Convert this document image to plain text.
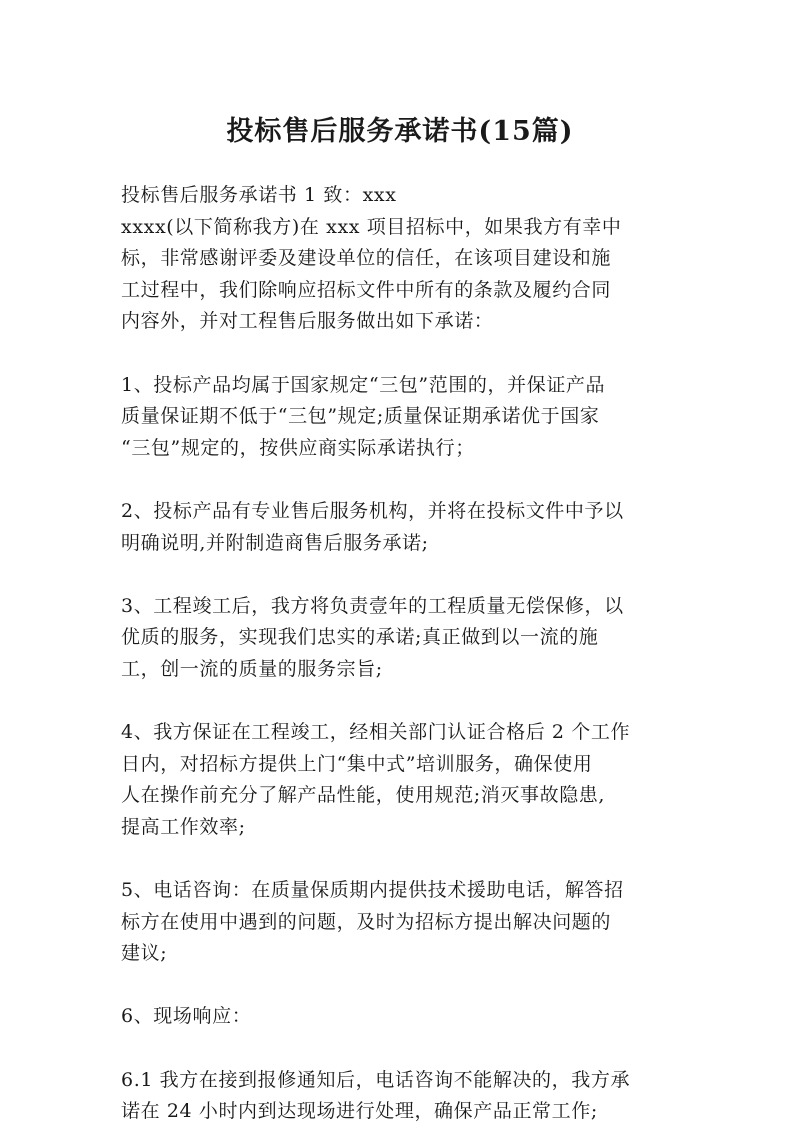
投标售后服务承诺书(15篇)

投标售后服务承诺书 1 致：xxx
xxxx(以下简称我方)在 xxx 项目招标中，如果我方有幸中
标，非常感谢评委及建设单位的信任，在该项目建设和施
工过程中，我们除响应招标文件中所有的条款及履约合同
内容外，并对工程售后服务做出如下承诺：

1、投标产品均属于国家规定“三包”范围的，并保证产品
质量保证期不低于“三包”规定;质量保证期承诺优于国家
“三包”规定的，按供应商实际承诺执行；

2、投标产品有专业售后服务机构，并将在投标文件中予以
明确说明,并附制造商售后服务承诺;

3、工程竣工后，我方将负责壹年的工程质量无偿保修，以
优质的服务，实现我们忠实的承诺;真正做到以一流的施
工，创一流的质量的服务宗旨;

4、我方保证在工程竣工，经相关部门认证合格后 2 个工作
日内，对招标方提供上门“集中式”培训服务，确保使用
人在操作前充分了解产品性能，使用规范;消灭事故隐患,
提高工作效率;

5、电话咨询：在质量保质期内提供技术援助电话，解答招
标方在使用中遇到的问题，及时为招标方提出解决问题的
建议;

6、现场响应：

6.1 我方在接到报修通知后，电话咨询不能解决的，我方承
诺在 24 小时内到达现场进行处理，确保产品正常工作;
